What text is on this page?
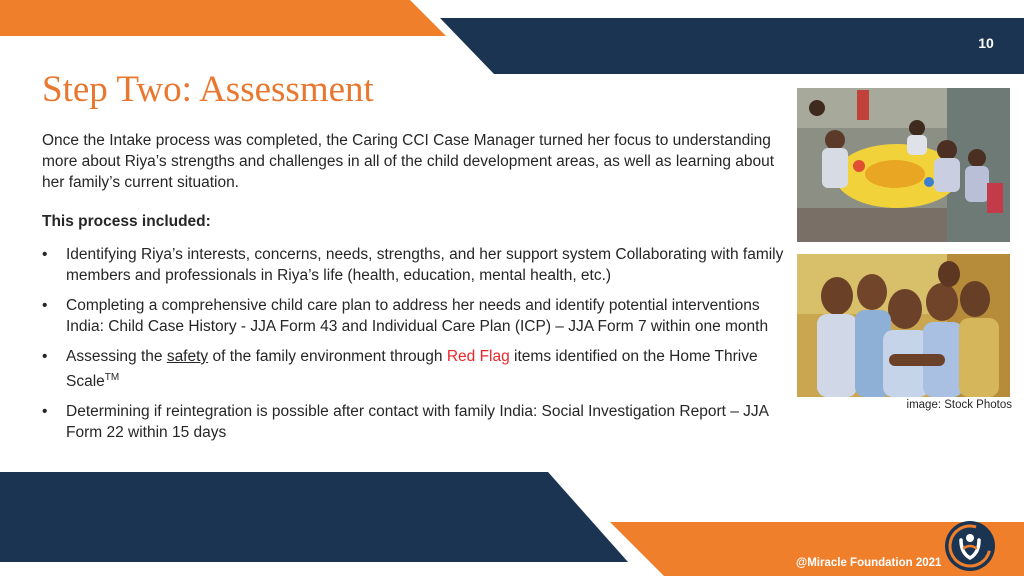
10
Step Two: Assessment

Once the Intake process was completed, the Caring CCI Case Manager turned her focus to understanding more about Riya’s strengths and challenges in all of the child development areas, as well as learning about her family’s current situation.

This process included:

• Identifying Riya’s interests, concerns, needs, strengths, and her support system Collaborating with family members and professionals in Riya’s life (health, education, mental health, etc.)
• Completing a comprehensive child care plan to address her needs and identify potential interventions India: Child Case History - JJA Form 43 and Individual Care Plan (ICP) – JJA Form 7 within one month
• Assessing the safety of the family environment through Red Flag items identified on the Home Thrive Scale™
• Determining if reintegration is possible after contact with family India: Social Investigation Report – JJA Form 22 within 15 days
image: Stock Photos
@Miracle Foundation 2021
